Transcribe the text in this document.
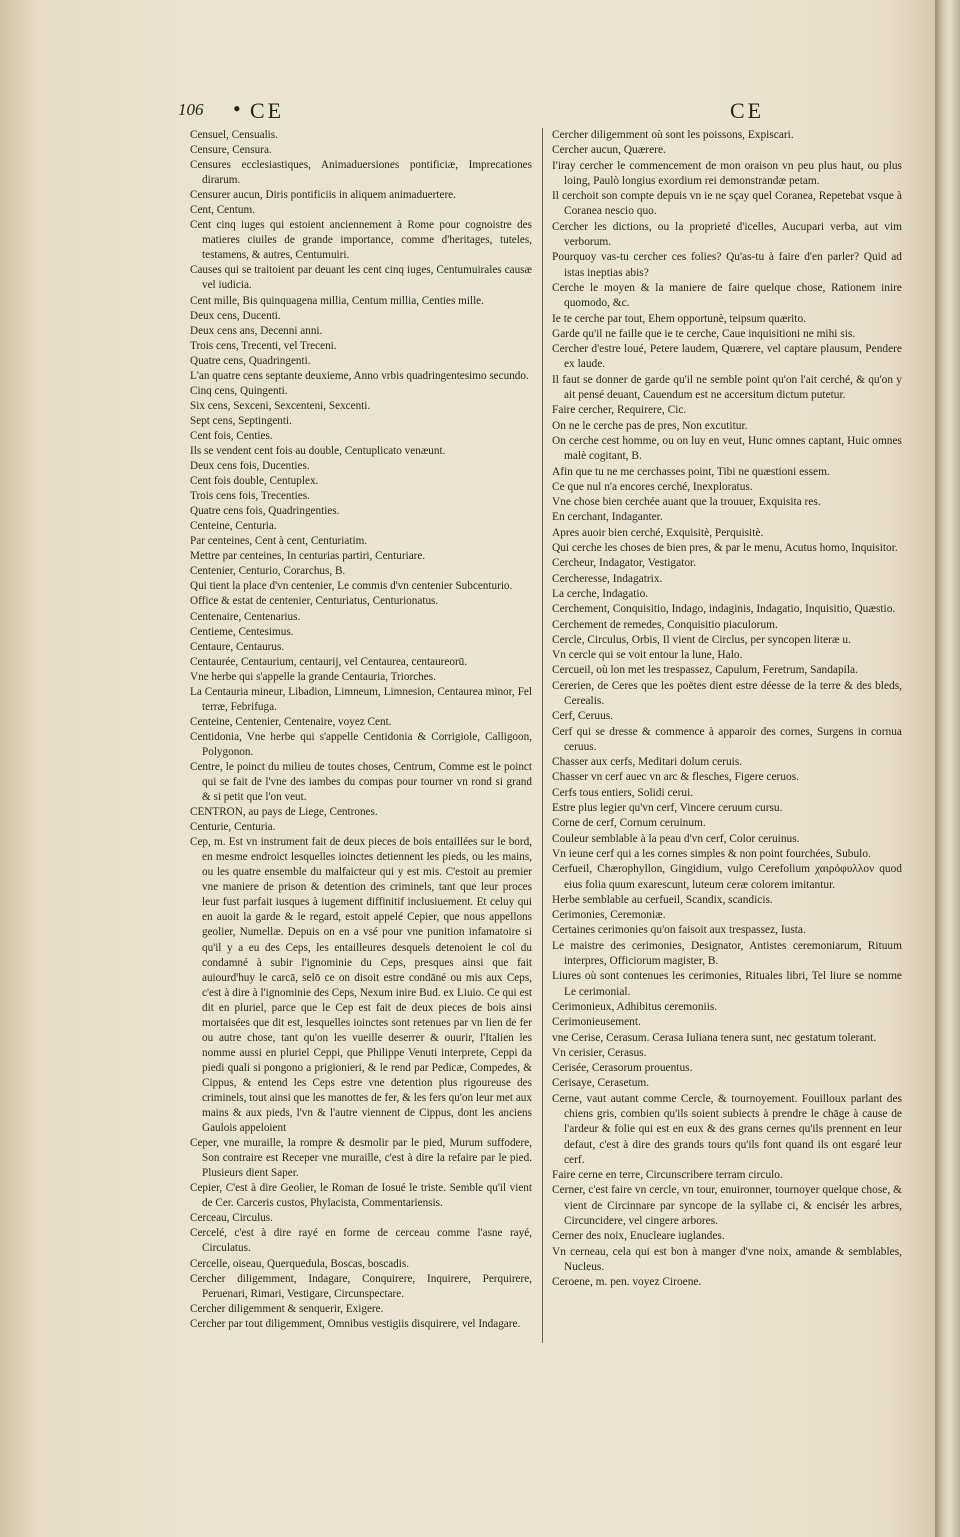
106 • CE	CE

Censuel, Censualis.

Censure, Censura.

Censures ecclesiastiques, Animaduersiones pontificiæ, Imprecationes dirarum.

Censurer aucun, Diris pontificiis in aliquem animaduertere.

Cent, Centum.

Cent cinq iuges qui estoient anciennement à Rome pour cognoistre des matieres ciuiles de grande importance, comme d'heritages, tuteles, testamens, & autres, Centumuiri.

Causes qui se traitoient par deuant les cent cinq iuges, Centumuirales causæ vel iudicia.

Cent mille, Bis quinquagena millia, Centum millia, Centies mille.

Deux cens, Ducenti.

Deux cens ans, Decenni anni.

Trois cens, Trecenti, vel Treceni.

Quatre cens, Quadringenti.

L'an quatre cens septante deuxieme, Anno vrbis quadringentesimo secundo.

Cinq cens, Quingenti.

Six cens, Sexceni, Sexcenteni, Sexcenti.

Sept cens, Septingenti.

Cent fois, Centies.

Ils se vendent cent fois au double, Centuplicato venæunt.

Deux cens fois, Ducenties.

Cent fois double, Centuplex.

Trois cens fois, Trecenties.

Quatre cens fois, Quadringenties.

Centeine, Centuria.

Par centeines, Cent à cent, Centuriatim.

Mettre par centeines, In centurias partiri, Centuriare.

Centenier, Centurio, Corarchus, B.

Qui tient la place d'vn centenier, Le commis d'vn centenier Subcenturio.

Office & estat de centenier, Centuriatus, Centurionatus.

Centenaire, Centenarius.

Centieme, Centesimus.

Centaure, Centaurus.

Centaurée, Centaurium, centaurij, vel Centaurea, centaureorū.

Vne herbe qui s'appelle la grande Centauria, Triorches.

La Centauria mineur, Libadion, Limneum, Limnesion, Centaurea minor, Fel terræ, Febrifuga.

Centeine, Centenier, Centenaire, voyez Cent.

Centidonia, Vne herbe qui s'appelle Centidonia & Corrigiole, Calligoon, Polygonon.

Centre, le poinct du milieu de toutes choses, Centrum, Comme est le poinct qui se fait de l'vne des iambes du compas pour tourner vn rond si grand & si petit que l'on veut.

CENTRON, au pays de Liege, Centrones.

Centurie, Centuria.

Cep, m. Est vn instrument fait de deux pieces de bois entaillées sur le bord, en mesme endroict lesquelles ioinctes detiennent les pieds, ou les mains, ou les quatre ensemble du malfaicteur qui y est mis. C'estoit au premier vne maniere de prison & detention des criminels, tant que leur proces leur fust parfait iusques à iugement diffinitif inclusiuement. Et celuy qui en auoit la garde & le regard, estoit appelé Cepier, que nous appellons geolier, Numellæ. Depuis on en a vsé pour vne punition infamatoire si qu'il y a eu des Ceps, les entailleures desquels detenoient le col du condamné à subir l'ignominie du Ceps, presques ainsi que fait auiourd'huy le carcā, selō ce on disoit estre condāné ou mis aux Ceps, c'est à dire à l'ignominie des Ceps, Nexum inire Bud. ex Liuio. Ce qui est dit en pluriel, parce que le Cep est fait de deux pieces de bois ainsi mortaisées que dit est, lesquelles ioinctes sont retenues par vn lien de fer ou autre chose, tant qu'on les vueille deserrer & ouurir, l'Italien les nomme aussi en pluriel Ceppi, que Philippe Venuti interprete, Ceppi da piedi quali si pongono a prigionieri, & le rend par Pedicæ, Compedes, & Cippus, & entend les Ceps estre vne detention plus rigoureuse des criminels, tout ainsi que les manottes de fer, & les fers qu'on leur met aux mains & aux pieds, l'vn & l'autre viennent de Cippus, dont les anciens Gaulois appeloient

Ceper, vne muraille, la rompre & desmolir par le pied, Murum suffodere, Son contraire est Receper vne muraille, c'est à dire la refaire par le pied. Plusieurs dient Saper.

Cepier, C'est à dire Geolier, le Roman de Iosué le triste. Semble qu'il vient de Cer. Carceris custos, Phylacista, Commentariensis.

Cerceau, Circulus.

Cercelé, c'est à dire rayé en forme de cerceau comme l'asne rayé, Circulatus.

Cercelle, oiseau, Querquedula, Boscas, boscadis.

Cercher diligemment, Indagare, Conquirere, Inquirere, Perquirere, Peruenari, Rimari, Vestigare, Circunspectare.

Cercher diligemment & senquerir, Exigere.

Cercher par tout diligemment, Omnibus vestigiis disquirere, vel Indagare.

Cercher diligemment où sont les poissons, Expiscari.

Cercher aucun, Quærere.

I'iray cercher le commencement de mon oraison vn peu plus haut, ou plus loing, Paulò longius exordium rei demonstrandæ petam.

Il cerchoit son compte depuis vn ie ne sçay quel Coranea, Repetebat vsque à Coranea nescio quo.

Cercher les dictions, ou la proprieté d'icelles, Aucupari verba, aut vim verborum.

Pourquoy vas-tu cercher ces folies? Qu'as-tu à faire d'en parler? Quid ad istas ineptias abis?

Cerche le moyen & la maniere de faire quelque chose, Rationem inire quomodo, &c.

Ie te cerche par tout, Ehem opportunè, teipsum quærito.

Garde qu'il ne faille que ie te cerche, Caue inquisitioni ne mihi sis.

Cercher d'estre loué, Petere laudem, Quærere, vel captare plausum, Pendere ex laude.

Il faut se donner de garde qu'il ne semble point qu'on l'ait cerché, & qu'on y ait pensé deuant, Cauendum est ne accersitum dictum putetur.

Faire cercher, Requirere, Cic.

On ne le cerche pas de pres, Non excutitur.

On cerche cest homme, ou on luy en veut, Hunc omnes captant, Huic omnes malè cogitant, B.

Afin que tu ne me cerchasses point, Tibi ne quæstioni essem.

Ce que nul n'a encores cerché, Inexploratus.

Vne chose bien cerchée auant que la trouuer, Exquisita res.

En cerchant, Indaganter.

Apres auoir bien cerché, Exquisitè, Perquisitè.

Qui cerche les choses de bien pres, & par le menu, Acutus homo, Inquisitor.

Cercheur, Indagator, Vestigator.

Cercheresse, Indagatrix.

La cerche, Indagatio.

Cerchement, Conquisitio, Indago, indaginis, Indagatio, Inquisitio, Quæstio.

Cerchement de remedes, Conquisitio piaculorum.

Cercle, Circulus, Orbis, Il vient de Circlus, per syncopen literæ u.

Vn cercle qui se voit entour la lune, Halo.

Cercueil, où lon met les trespassez, Capulum, Feretrum, Sandapila.

Cererien, de Ceres que les poëtes dient estre déesse de la terre & des bleds, Cerealis.

Cerf, Ceruus.

Cerf qui se dresse & commence à apparoir des cornes, Surgens in cornua ceruus.

Chasser aux cerfs, Meditari dolum ceruis.

Chasser vn cerf auec vn arc & flesches, Figere ceruos.

Cerfs tous entiers, Solidi cerui.

Estre plus legier qu'vn cerf, Vincere ceruum cursu.

Corne de cerf, Cornum ceruinum.

Couleur semblable à la peau d'vn cerf, Color ceruinus.

Vn ieune cerf qui a les cornes simples & non point fourchées, Subulo.

Cerfueil, Chærophyllon, Gingidium, vulgo Cerefolium χαιρόφυλλον quod eius folia quum exarescunt, luteum ceræ colorem imitantur.

Herbe semblable au cerfueil, Scandix, scandicis.

Cerimonies, Ceremoniæ.

Certaines cerimonies qu'on faisoit aux trespassez, Iusta.

Le maistre des cerimonies, Designator, Antistes ceremoniarum, Rituum interpres, Officiorum magister, B.

Liures où sont contenues les cerimonies, Rituales libri, Tel liure se nomme Le cerimonial.

Cerimonieux, Adhibitus ceremoniis.

Cerimonieusement.

vne Cerise, Cerasum. Cerasa Iuliana tenera sunt, nec gestatum tolerant.

Vn cerisier, Cerasus.

Cerisée, Cerasorum prouentus.

Cerisaye, Cerasetum.

Cerne, vaut autant comme Cercle, & tournoyement. Fouilloux parlant des chiens gris, combien qu'ils soient subiects à prendre le chāge à cause de l'ardeur & folie qui est en eux & des grans cernes qu'ils prennent en leur defaut, c'est à dire des grands tours qu'ils font quand ils ont esgaré leur cerf.

Faire cerne en terre, Circunscribere terram circulo.

Cerner, c'est faire vn cercle, vn tour, enuironner, tournoyer quelque chose, & vient de Circinnare par syncope de la syllabe ci, & encisér les arbres, Circuncidere, vel cingere arbores.

Cerner des noix, Enucleare iuglandes.

Vn cerneau, cela qui est bon à manger d'vne noix, amande & semblables, Nucleus.

Ceroene, m. pen. voyez Ciroene.
